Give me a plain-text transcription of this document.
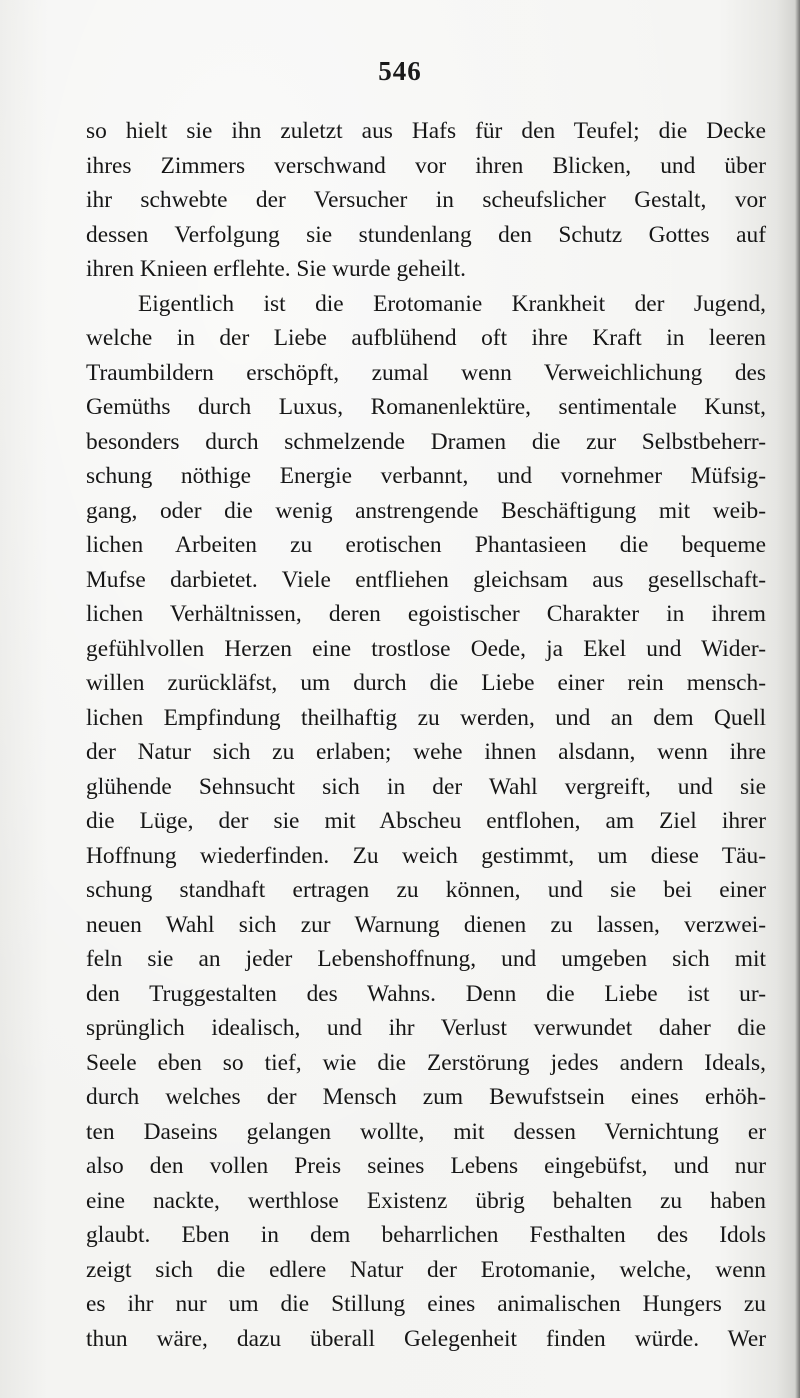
546
so hielt sie ihn zuletzt aus Hafs für den Teufel; die Decke
ihres Zimmers verschwand vor ihren Blicken, und über
ihr schwebte der Versucher in scheufslicher Gestalt, vor
dessen Verfolgung sie stundenlang den Schutz Gottes auf
ihren Knieen erflehte. Sie wurde geheilt.
Eigentlich ist die Erotomanie Krankheit der Jugend,
welche in der Liebe aufblühend oft ihre Kraft in leeren
Traumbildern erschöpft, zumal wenn Verweichlichung des
Gemüths durch Luxus, Romanenlektüre, sentimentale Kunst,
besonders durch schmelzende Dramen die zur Selbstbeherr-
schung nöthige Energie verbannt, und vornehmer Müfsig-
gang, oder die wenig anstrengende Beschäftigung mit weib-
lichen Arbeiten zu erotischen Phantasieen die bequeme
Mufse darbietet. Viele entfliehen gleichsam aus gesellschaft-
lichen Verhältnissen, deren egoistischer Charakter in ihrem
gefühlvollen Herzen eine trostlose Oede, ja Ekel und Wider-
willen zurückläfst, um durch die Liebe einer rein mensch-
lichen Empfindung theilhaftig zu werden, und an dem Quell
der Natur sich zu erlaben; wehe ihnen alsdann, wenn ihre
glühende Sehnsucht sich in der Wahl vergreift, und sie
die Lüge, der sie mit Abscheu entflohen, am Ziel ihrer
Hoffnung wiederfinden. Zu weich gestimmt, um diese Täu-
schung standhaft ertragen zu können, und sie bei einer
neuen Wahl sich zur Warnung dienen zu lassen, verzwei-
feln sie an jeder Lebenshoffnung, und umgeben sich mit
den Truggestalten des Wahns. Denn die Liebe ist ur-
sprünglich idealisch, und ihr Verlust verwundet daher die
Seele eben so tief, wie die Zerstörung jedes andern Ideals,
durch welches der Mensch zum Bewufstsein eines erhöh-
ten Daseins gelangen wollte, mit dessen Vernichtung er
also den vollen Preis seines Lebens eingebüfst, und nur
eine nackte, werthlose Existenz übrig behalten zu haben
glaubt. Eben in dem beharrlichen Festhalten des Idols
zeigt sich die edlere Natur der Erotomanie, welche, wenn
es ihr nur um die Stillung eines animalischen Hungers zu
thun wäre, dazu überall Gelegenheit finden würde. Wer
